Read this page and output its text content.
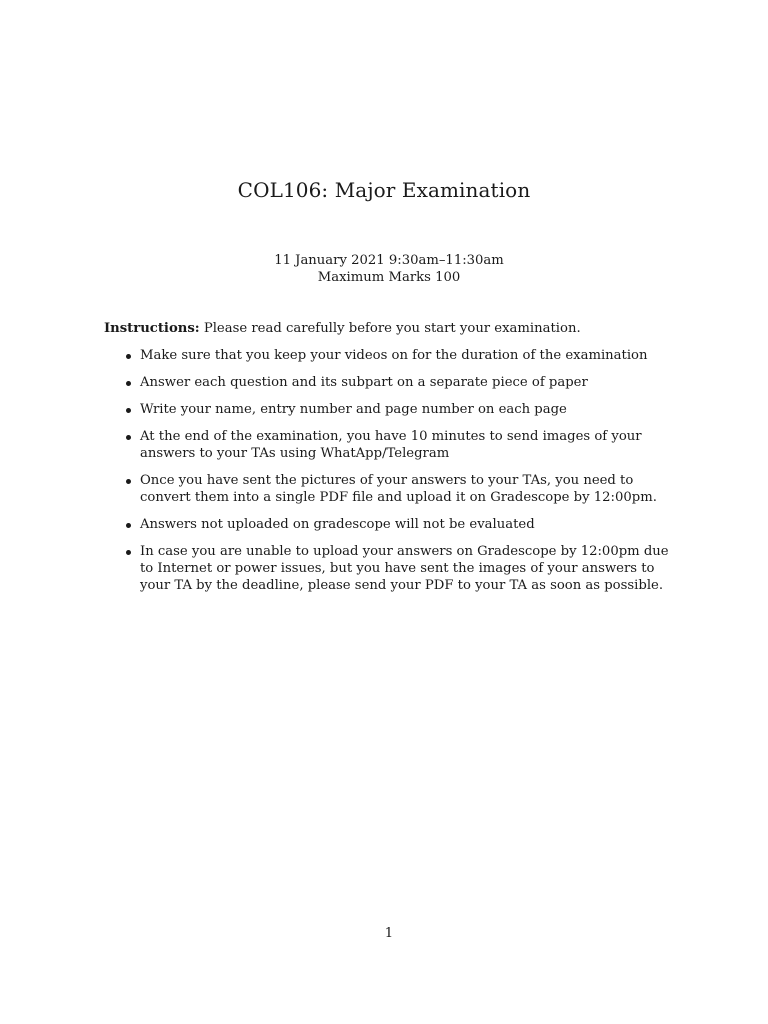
COL106: Major Examination
11 January 2021 9:30am–11:30am
Maximum Marks 100
Instructions: Please read carefully before you start your examination.
Make sure that you keep your videos on for the duration of the examination
Answer each question and its subpart on a separate piece of paper
Write your name, entry number and page number on each page
At the end of the examination, you have 10 minutes to send images of your answers to your TAs using WhatApp/Telegram
Once you have sent the pictures of your answers to your TAs, you need to convert them into a single PDF file and upload it on Gradescope by 12:00pm.
Answers not uploaded on gradescope will not be evaluated
In case you are unable to upload your answers on Gradescope by 12:00pm due to Internet or power issues, but you have sent the images of your answers to your TA by the deadline, please send your PDF to your TA as soon as possible.
1
